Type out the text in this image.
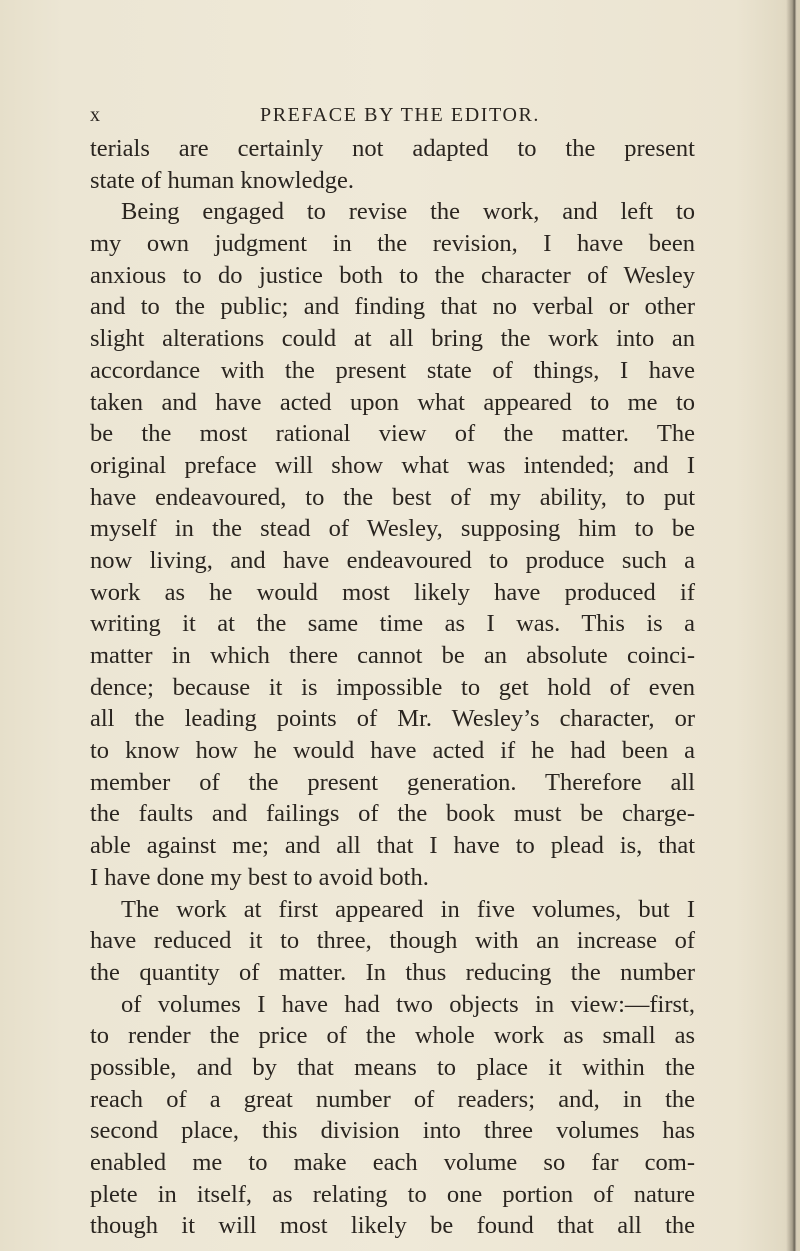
x	PREFACE BY THE EDITOR.
terials are certainly not adapted to the present
state of human knowledge.
Being engaged to revise the work, and left to
my own judgment in the revision, I have been
anxious to do justice both to the character of Wesley
and to the public; and finding that no verbal or other
slight alterations could at all bring the work into an
accordance with the present state of things, I have
taken and have acted upon what appeared to me to
be the most rational view of the matter. The
original preface will show what was intended; and I
have endeavoured, to the best of my ability, to put
myself in the stead of Wesley, supposing him to be
now living, and have endeavoured to produce such a
work as he would most likely have produced if
writing it at the same time as I was. This is a
matter in which there cannot be an absolute coinci-
dence; because it is impossible to get hold of even
all the leading points of Mr. Wesley’s character, or
to know how he would have acted if he had been a
member of the present generation. Therefore all
the faults and failings of the book must be charge-
able against me; and all that I have to plead is, that
I have done my best to avoid both.
The work at first appeared in five volumes, but I
have reduced it to three, though with an increase of
the quantity of matter. In thus reducing the number
of volumes I have had two objects in view:—first,
to render the price of the whole work as small as
possible, and by that means to place it within the
reach of a great number of readers; and, in the
second place, this division into three volumes has
enabled me to make each volume so far com-
plete in itself, as relating to one portion of nature
though it will most likely be found that all the
